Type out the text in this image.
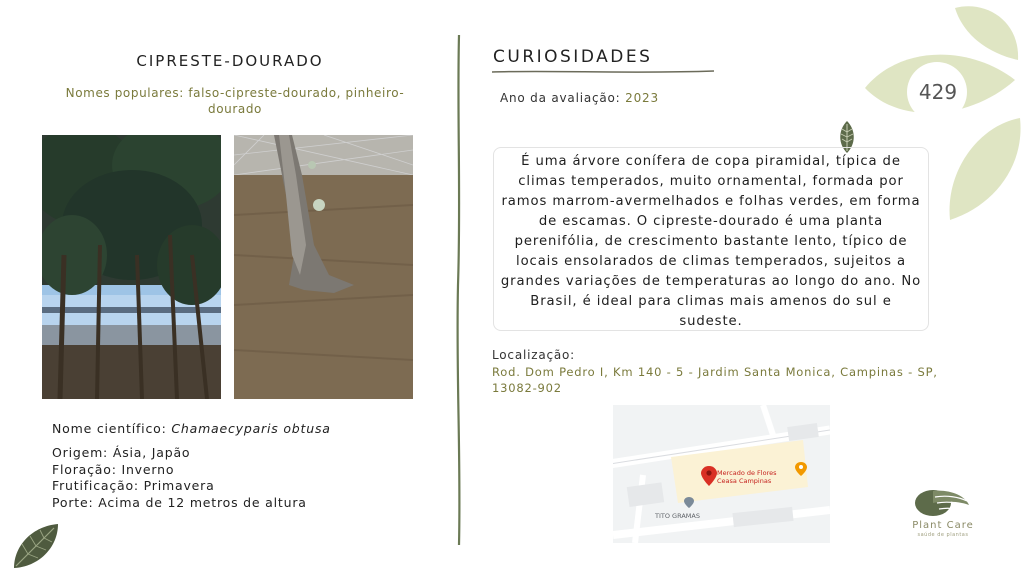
429
CIPRESTE-DOURADO
Nomes populares: falso-cipreste-dourado, pinheiro-dourado
Nome científico: Chamaecyparis obtusa
Origem: Ásia, Japão
Floração: Inverno
Frutificação: Primavera
Porte: Acima de 12 metros de altura
CURIOSIDADES
Ano da avaliação: 2023
É uma árvore conífera de copa piramidal, típica de climas temperados, muito ornamental, formada por ramos marrom-avermelhados e folhas verdes, em forma de escamas. O cipreste-dourado é uma planta perenifólia, de crescimento bastante lento, típico de locais ensolarados de climas temperados, sujeitos a grandes variações de temperaturas ao longo do ano. No Brasil, é ideal para climas mais amenos do sul e sudeste.
Localização:
Rod. Dom Pedro I, Km 140 - 5 - Jardim Santa Monica, Campinas - SP, 13082-902
Mercado de Flores
Ceasa Campinas
TITO GRAMAS
Plant Care
saúde de plantas
